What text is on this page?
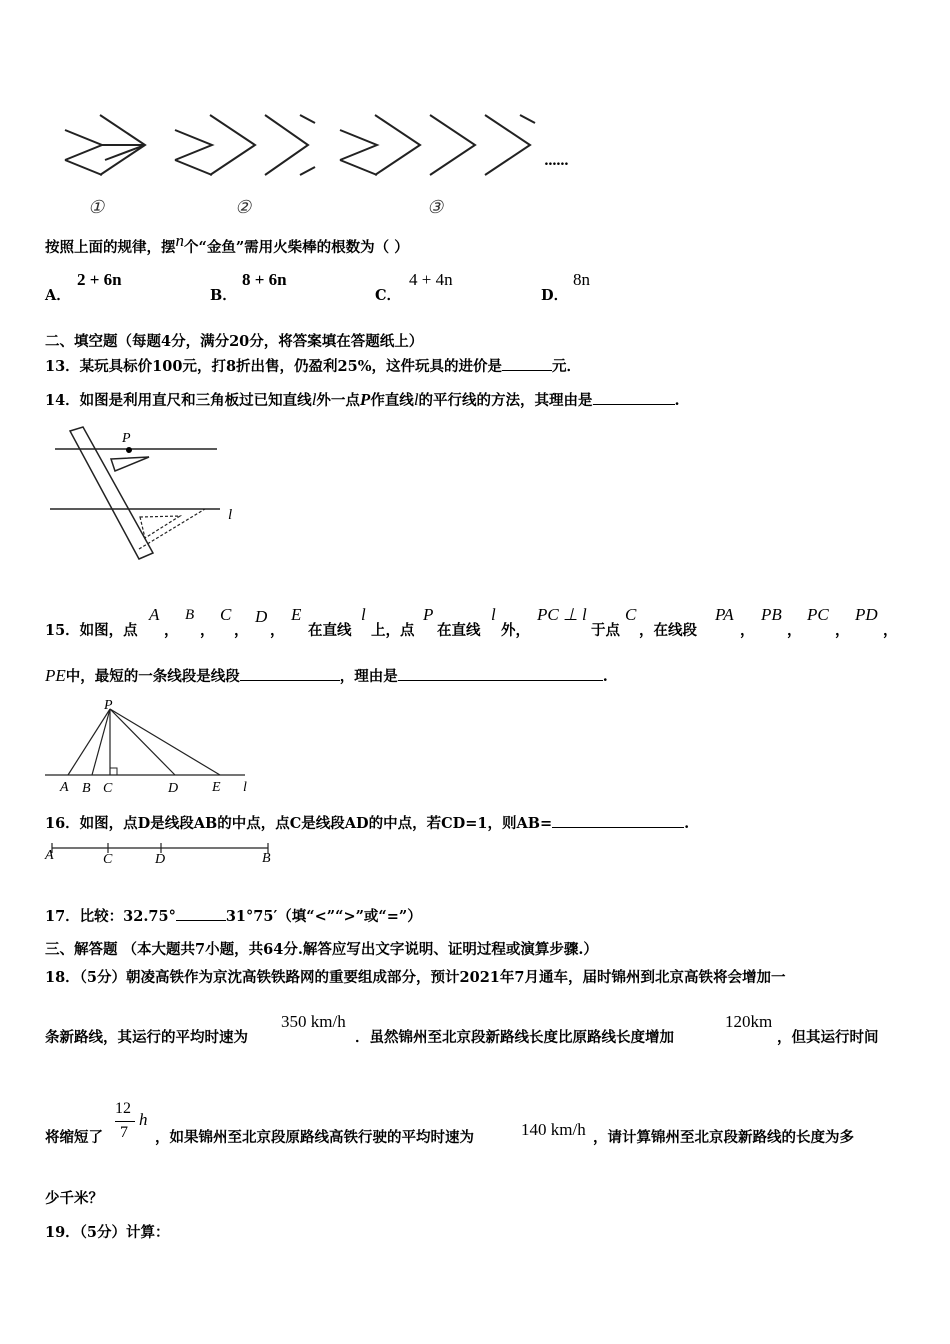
......
①	②	③
按照上面的规律，摆n个“金鱼”需用火柴棒的根数为（ ）
A．
2 + 6n
B．
8 + 6n
C．
4 + 4n
D．
8n
二、填空题（每题4分，满分20分，将答案填在答题纸上）
13．某玩具标价100元，打8折出售，仍盈利25%，这件玩具的进价是	元．
14．如图是利用直尺和三角板过已知直线l外一点P作直线l的平行线的方法，其理由是	.
P
l
15．如图，点
A
，
B
，
C
，
D
，
E
在直线
l
上，点
P
在直线
l
外，
PC ⊥ l
于点
C
，在线段
PA
，
PB
，
PC
，
PD
，
PE中，最短的一条线段是线段	，理由是	.
P
A B C	D E l
16．如图，点D是线段AB的中点，点C是线段AD的中点，若CD=1，则AB=	.
A	C	D	B
17．比较：32.75°	31°75′（填“<”“>”或“=”）
三、解答题 （本大题共7小题，共64分.解答应写出文字说明、证明过程或演算步骤.）
18．（5分）朝凌高铁作为京沈高铁铁路网的重要组成部分，预计2021年7月通车，届时锦州到北京高铁将会增加一
条新路线，其运行的平均时速为
350 km/h
．虽然锦州至北京段新路线长度比原路线长度增加
120km
，但其运行时间
将缩短了
12
7
h
，如果锦州至北京段原路线高铁行驶的平均时速为	140 km/h ，请计算锦州至北京段新路线的长度为多
少千米？
19．（5分）计算：
